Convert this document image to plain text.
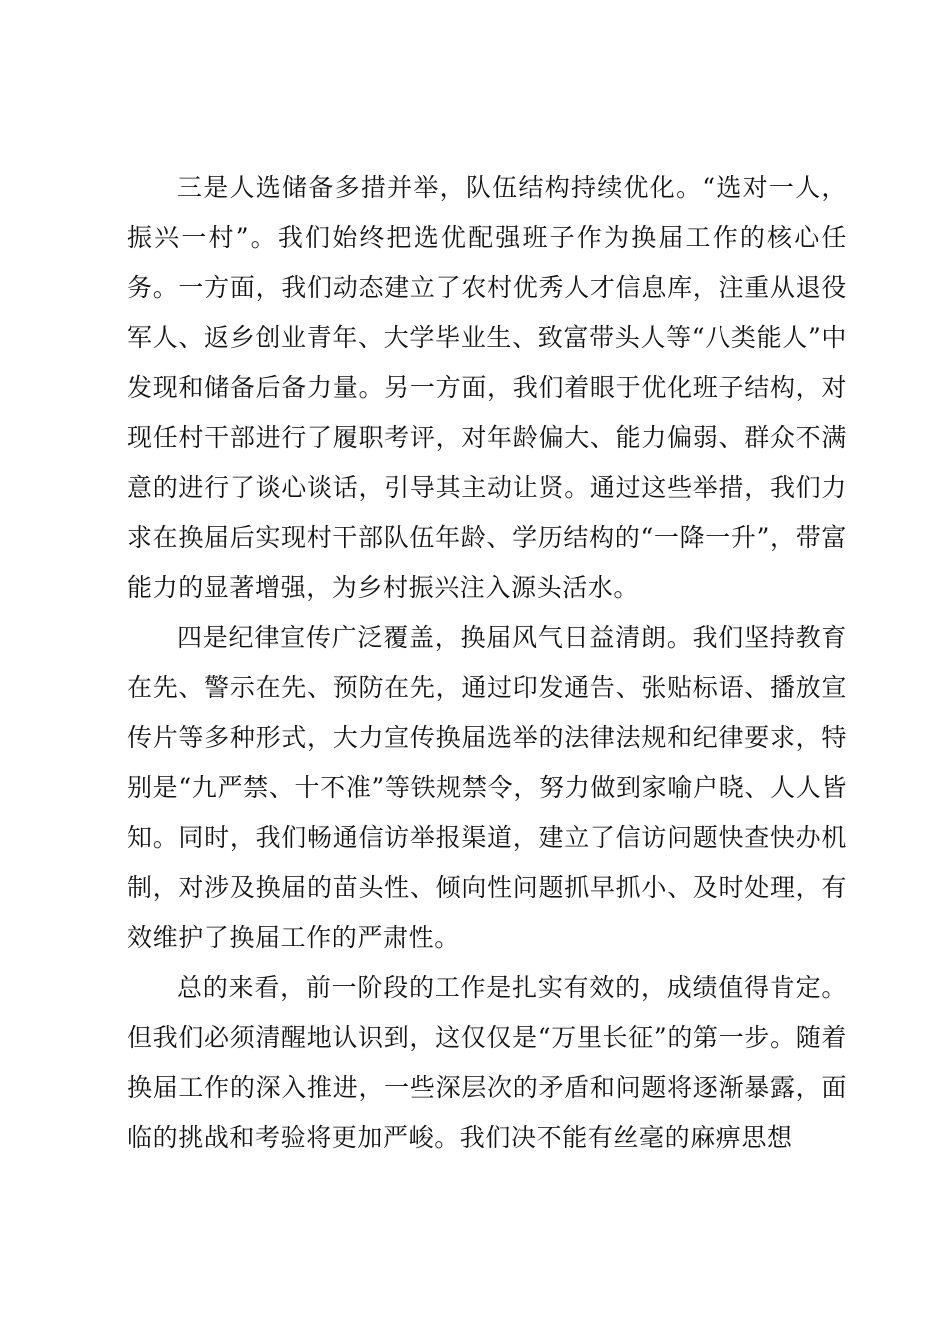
三是人选储备多措并举，队伍结构持续优化。“选对一人，振兴一村”。我们始终把选优配强班子作为换届工作的核心任务。一方面，我们动态建立了农村优秀人才信息库，注重从退役军人、返乡创业青年、大学毕业生、致富带头人等“八类能人”中发现和储备后备力量。另一方面，我们着眼于优化班子结构，对现任村干部进行了履职考评，对年龄偏大、能力偏弱、群众不满意的进行了谈心谈话，引导其主动让贤。通过这些举措，我们力求在换届后实现村干部队伍年龄、学历结构的“一降一升”，带富能力的显著增强，为乡村振兴注入源头活水。

四是纪律宣传广泛覆盖，换届风气日益清朗。我们坚持教育在先、警示在先、预防在先，通过印发通告、张贴标语、播放宣传片等多种形式，大力宣传换届选举的法律法规和纪律要求，特别是“九严禁、十不准”等铁规禁令，努力做到家喻户晓、人人皆知。同时，我们畅通信访举报渠道，建立了信访问题快查快办机制，对涉及换届的苗头性、倾向性问题抓早抓小、及时处理，有效维护了换届工作的严肃性。

总的来看，前一阶段的工作是扎实有效的，成绩值得肯定。但我们必须清醒地认识到，这仅仅是“万里长征”的第一步。随着换届工作的深入推进，一些深层次的矛盾和问题将逐渐暴露，面临的挑战和考验将更加严峻。我们决不能有丝毫的麻痹思想
